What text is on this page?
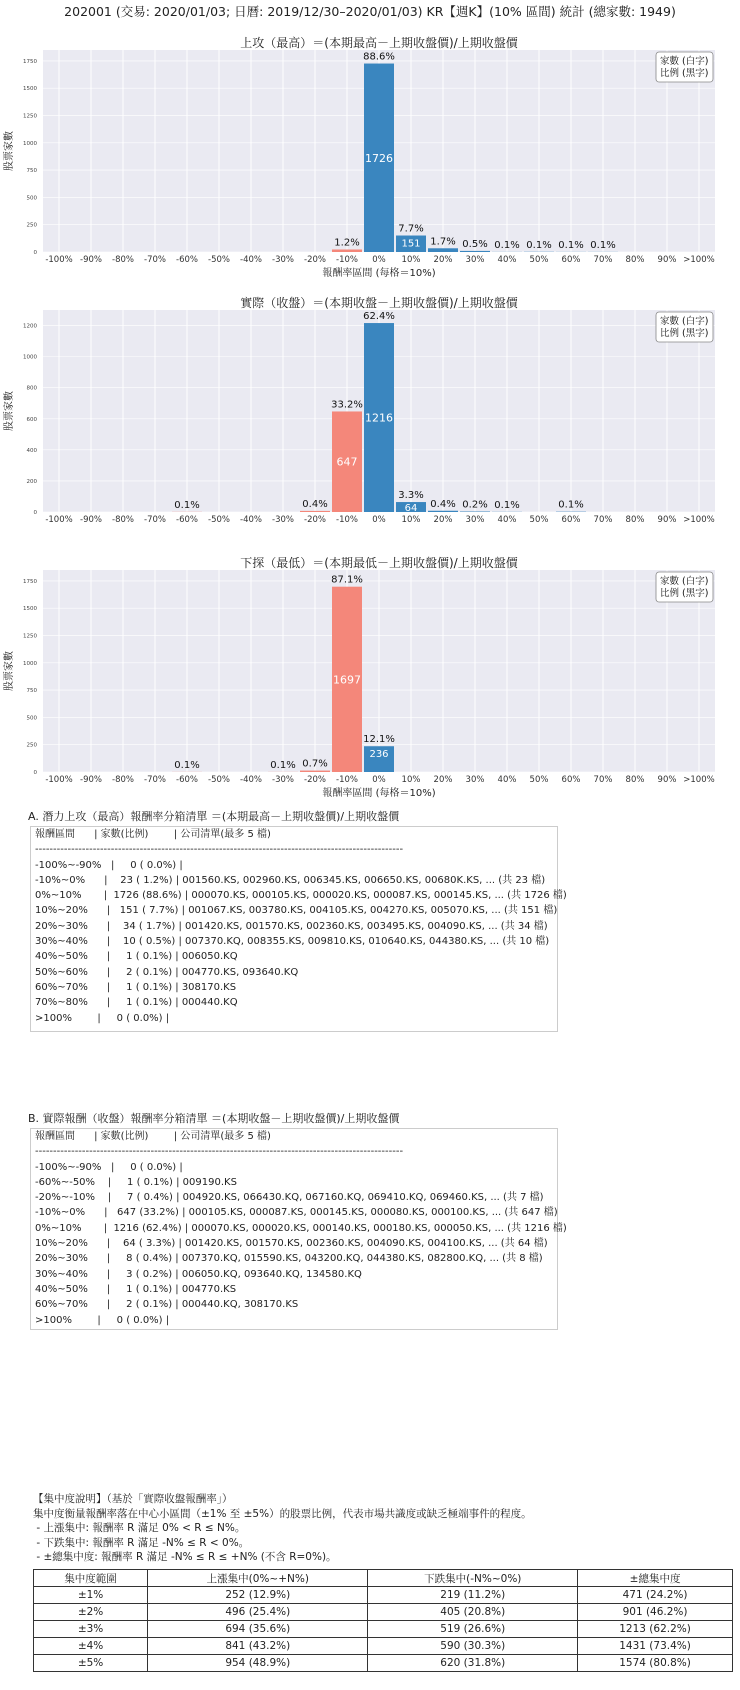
202001 (交易: 2020/01/03; 日曆: 2019/12/30–2020/01/03) KR【週K】(10% 區間) 統計 (總家數: 1949)
上攻（最高）＝(本期最高－上期收盤價)/上期收盤價
0
250
500
750
1000
1250
1500
1750
股票家數
-100% -90% -80% -70% -60% -50% -40% -30% -20%
1.2%
-10%
88.6%
1726
0%
7.7%
151
10%
1.7%
20%
0.5%
30%
0.1%
40%
0.1%
50%
0.1%
60%
0.1%
70% 80% 90% >100%
報酬率區間 (每格＝10%)
家數 (白字)
比例 (黑字)
實際（收盤）＝(本期收盤－上期收盤價)/上期收盤價
0
200
400
600
800
1000
1200
股票家數
-100% -90% -80% -70%
0.1%
-60% -50% -40% -30%
0.4%
-20%
33.2%
647
-10%
62.4%
1216
0%
3.3%
64
10%
0.4%
20%
0.2%
30%
0.1%
40% 50%
0.1%
60% 70% 80% 90% >100%
家數 (白字)
比例 (黑字)
下探（最低）＝(本期最低－上期收盤價)/上期收盤價
0
250
500
750
1000
1250
1500
1750
股票家數
-100% -90% -80% -70%
0.1%
-60% -50% -40%
0.1%
-30%
0.7%
-20%
87.1%
1697
-10%
12.1%
236
0% 10% 20% 30% 40% 50% 60% 70% 80% 90% >100%
報酬率區間 (每格＝10%)
家數 (白字)
比例 (黑字)
A. 潛力上攻（最高）報酬率分箱清單 ＝(本期最高－上期收盤價)/上期收盤價
報酬區間      | 家數(比例)        | 公司清單(最多 5 檔)
------------------------------------------------------------------------------------------------------
-100%~-90%   |     0 ( 0.0%) |
-10%~0%      |    23 ( 1.2%) | 001560.KS, 002960.KS, 006345.KS, 006650.KS, 00680K.KS, ... (共 23 檔)
0%~10%       |  1726 (88.6%) | 000070.KS, 000105.KS, 000020.KS, 000087.KS, 000145.KS, ... (共 1726 檔)
10%~20%      |   151 ( 7.7%) | 001067.KS, 003780.KS, 004105.KS, 004270.KS, 005070.KS, ... (共 151 檔)
20%~30%      |    34 ( 1.7%) | 001420.KS, 001570.KS, 002360.KS, 003495.KS, 004090.KS, ... (共 34 檔)
30%~40%      |    10 ( 0.5%) | 007370.KQ, 008355.KS, 009810.KS, 010640.KS, 044380.KS, ... (共 10 檔)
40%~50%      |     1 ( 0.1%) | 006050.KQ
50%~60%      |     2 ( 0.1%) | 004770.KS, 093640.KQ
60%~70%      |     1 ( 0.1%) | 308170.KS
70%~80%      |     1 ( 0.1%) | 000440.KQ
>100%        |     0 ( 0.0%) |
B. 實際報酬（收盤）報酬率分箱清單 ＝(本期收盤－上期收盤價)/上期收盤價
報酬區間      | 家數(比例)        | 公司清單(最多 5 檔)
------------------------------------------------------------------------------------------------------
-100%~-90%   |     0 ( 0.0%) |
-60%~-50%    |     1 ( 0.1%) | 009190.KS
-20%~-10%    |     7 ( 0.4%) | 004920.KS, 066430.KQ, 067160.KQ, 069410.KQ, 069460.KS, ... (共 7 檔)
-10%~0%      |   647 (33.2%) | 000105.KS, 000087.KS, 000145.KS, 000080.KS, 000100.KS, ... (共 647 檔)
0%~10%       |  1216 (62.4%) | 000070.KS, 000020.KS, 000140.KS, 000180.KS, 000050.KS, ... (共 1216 檔)
10%~20%      |    64 ( 3.3%) | 001420.KS, 001570.KS, 002360.KS, 004090.KS, 004100.KS, ... (共 64 檔)
20%~30%      |     8 ( 0.4%) | 007370.KQ, 015590.KS, 043200.KQ, 044380.KS, 082800.KQ, ... (共 8 檔)
30%~40%      |     3 ( 0.2%) | 006050.KQ, 093640.KQ, 134580.KQ
40%~50%      |     1 ( 0.1%) | 004770.KS
60%~70%      |     2 ( 0.1%) | 000440.KQ, 308170.KS
>100%        |     0 ( 0.0%) |
【集中度說明】（基於「實際收盤報酬率」）
集中度衡量報酬率落在中心小區間（±1% 至 ±5%）的股票比例，代表市場共識度或缺乏極端事件的程度。
- 上漲集中: 報酬率 R 滿足 0% < R ≤ N%。
- 下跌集中: 報酬率 R 滿足 -N% ≤ R < 0%。
- ±總集中度: 報酬率 R 滿足 -N% ≤ R ≤ +N% (不含 R=0%)。
集中度範圍	上漲集中(0%~+N%)	下跌集中(-N%~0%)	±總集中度
±1%	252 (12.9%)	219 (11.2%)	471 (24.2%)
±2%	496 (25.4%)	405 (20.8%)	901 (46.2%)
±3%	694 (35.6%)	519 (26.6%)	1213 (62.2%)
±4%	841 (43.2%)	590 (30.3%)	1431 (73.4%)
±5%	954 (48.9%)	620 (31.8%)	1574 (80.8%)
